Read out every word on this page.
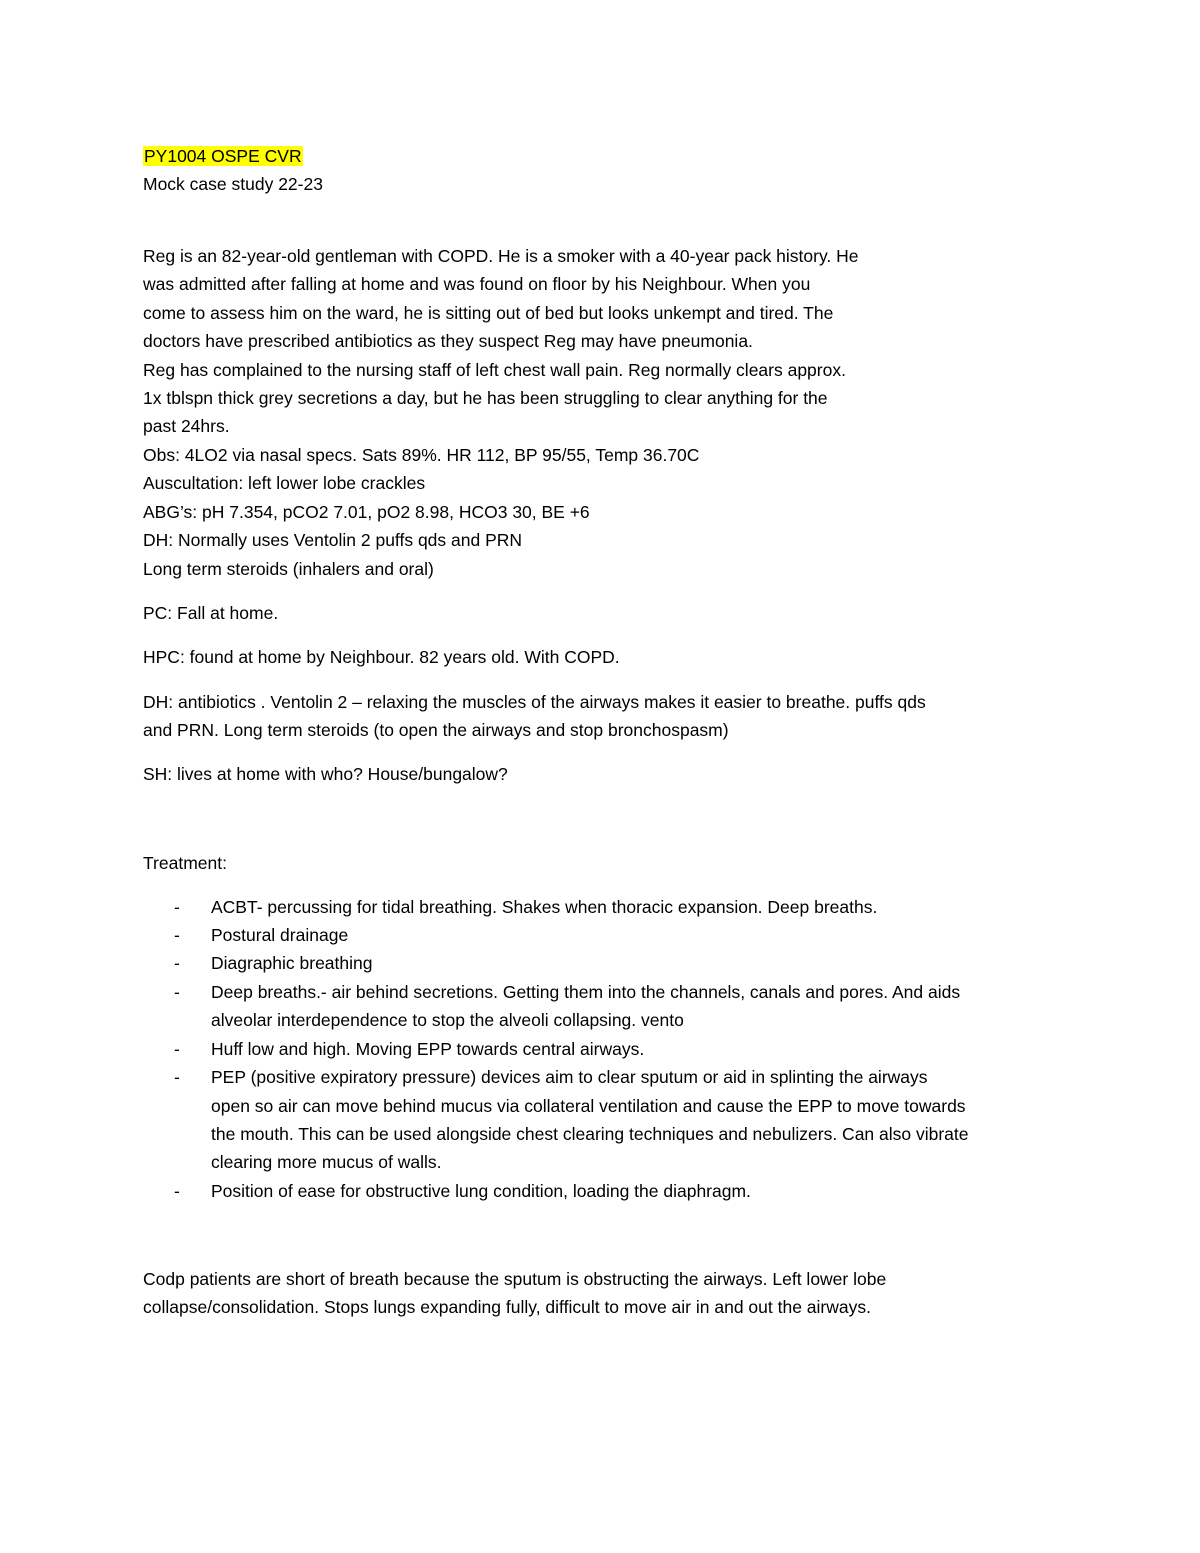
PY1004 OSPE CVR
Mock case study 22-23
Reg is an 82-year-old gentleman with COPD. He is a smoker with a 40-year pack history. He
was admitted after falling at home and was found on floor by his Neighbour. When you
come to assess him on the ward, he is sitting out of bed but looks unkempt and tired. The
doctors have prescribed antibiotics as they suspect Reg may have pneumonia.
Reg has complained to the nursing staff of left chest wall pain. Reg normally clears approx.
1x tblspn thick grey secretions a day, but he has been struggling to clear anything for the
past 24hrs.
Obs: 4LO2 via nasal specs. Sats 89%. HR 112, BP 95/55, Temp 36.70C
Auscultation: left lower lobe crackles
ABG’s: pH 7.354, pCO2 7.01, pO2 8.98, HCO3 30, BE +6
DH: Normally uses Ventolin 2 puffs qds and PRN
Long term steroids (inhalers and oral)
PC: Fall at home.
HPC: found at home by Neighbour. 82 years old. With COPD.
DH: antibiotics . Ventolin 2 – relaxing the muscles of the airways makes it easier to breathe. puffs qds
and PRN. Long term steroids (to open the airways and stop bronchospasm)
SH: lives at home with who? House/bungalow?
Treatment:
- ACBT- percussing for tidal breathing. Shakes when thoracic expansion. Deep breaths.
- Postural drainage
- Diagraphic breathing
- Deep breaths.- air behind secretions. Getting them into the channels, canals and pores. And aids
alveolar interdependence to stop the alveoli collapsing. vento
- Huff low and high. Moving EPP towards central airways.
- PEP (positive expiratory pressure) devices aim to clear sputum or aid in splinting the airways
open so air can move behind mucus via collateral ventilation and cause the EPP to move towards
the mouth. This can be used alongside chest clearing techniques and nebulizers. Can also vibrate
clearing more mucus of walls.
- Position of ease for obstructive lung condition, loading the diaphragm.
Codp patients are short of breath because the sputum is obstructing the airways. Left lower lobe
collapse/consolidation. Stops lungs expanding fully, difficult to move air in and out the airways.
